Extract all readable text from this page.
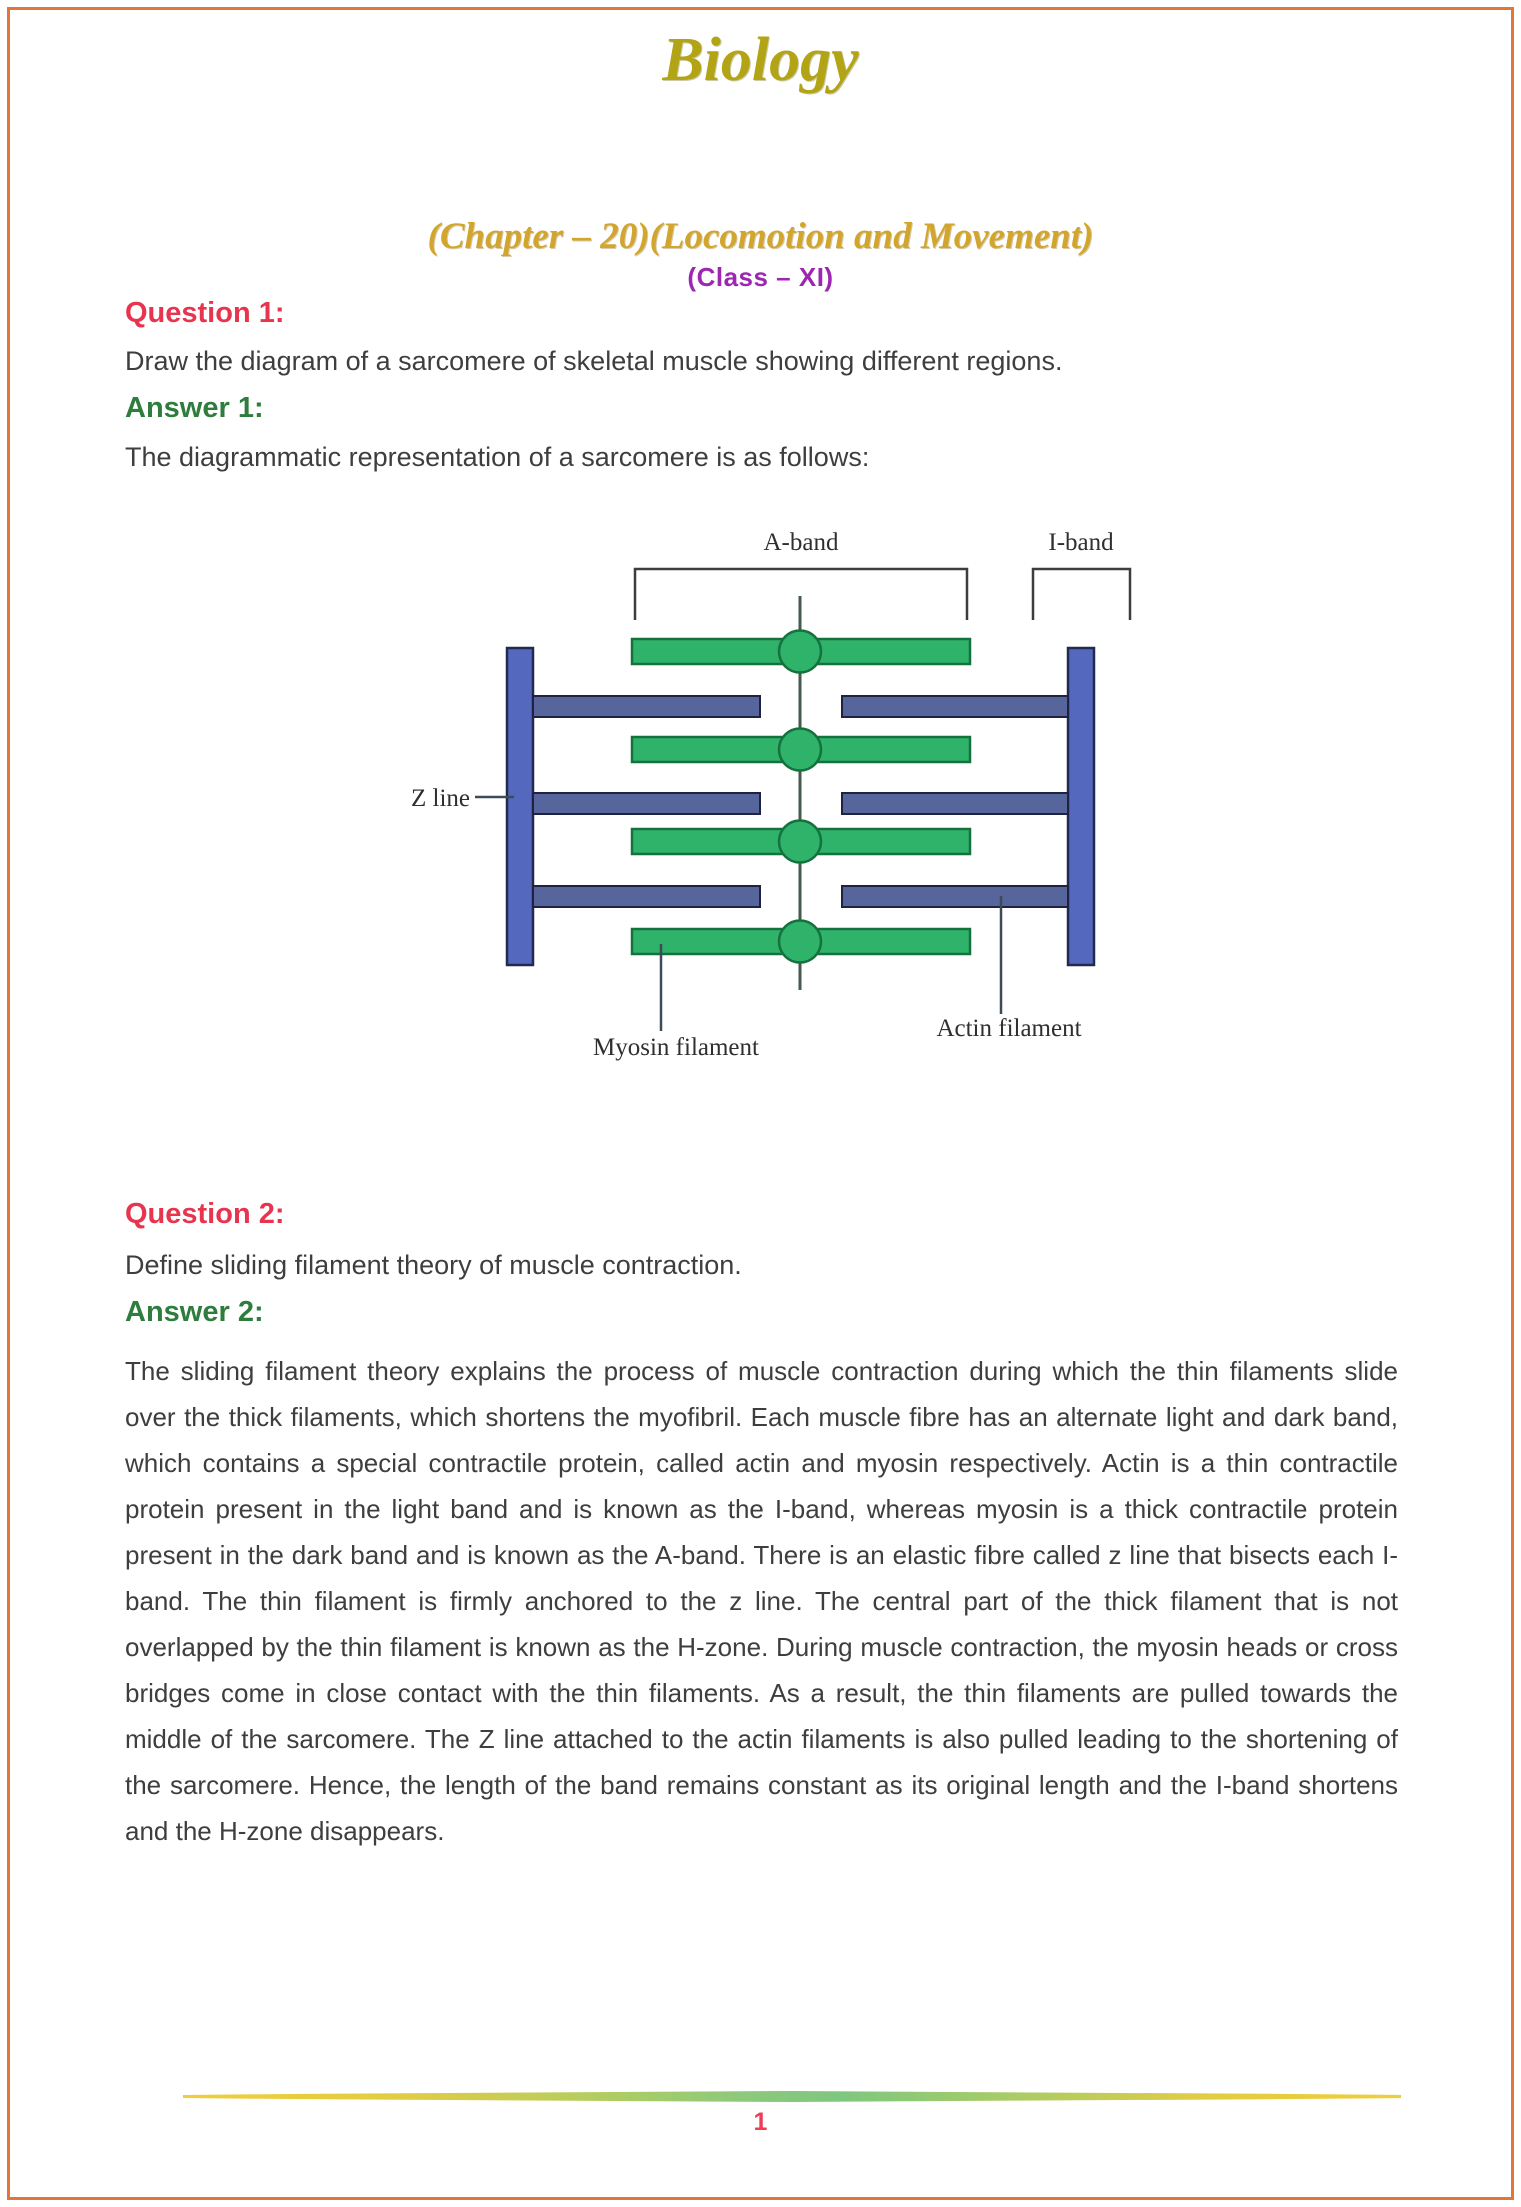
Biology
(Chapter – 20)(Locomotion and Movement)
(Class – XI)
Question 1:

Draw the diagram of a sarcomere of skeletal muscle showing different regions.

Answer 1:

The diagrammatic representation of a sarcomere is as follows:

A-band	I-band
Z line
Myosin filament
Actin filament
Question 2:

Define sliding filament theory of muscle contraction.

Answer 2:

The sliding filament theory explains the process of muscle contraction during which the thin filaments slide over the thick filaments, which shortens the myofibril. Each muscle fibre has an alternate light and dark band, which contains a special contractile protein, called actin and myosin respectively. Actin is a thin contractile protein present in the light band and is known as the I-band, whereas myosin is a thick contractile protein present in the dark band and is known as the A-band. There is an elastic fibre called z line that bisects each I-band. The thin filament is firmly anchored to the z line. The central part of the thick filament that is not overlapped by the thin filament is known as the H-zone. During muscle contraction, the myosin heads or cross bridges come in close contact with the thin filaments. As a result, the thin filaments are pulled towards the middle of the sarcomere. The Z line attached to the actin filaments is also pulled leading to the shortening of the sarcomere. Hence, the length of the band remains constant as its original length and the I-band shortens and the H-zone disappears.

1
